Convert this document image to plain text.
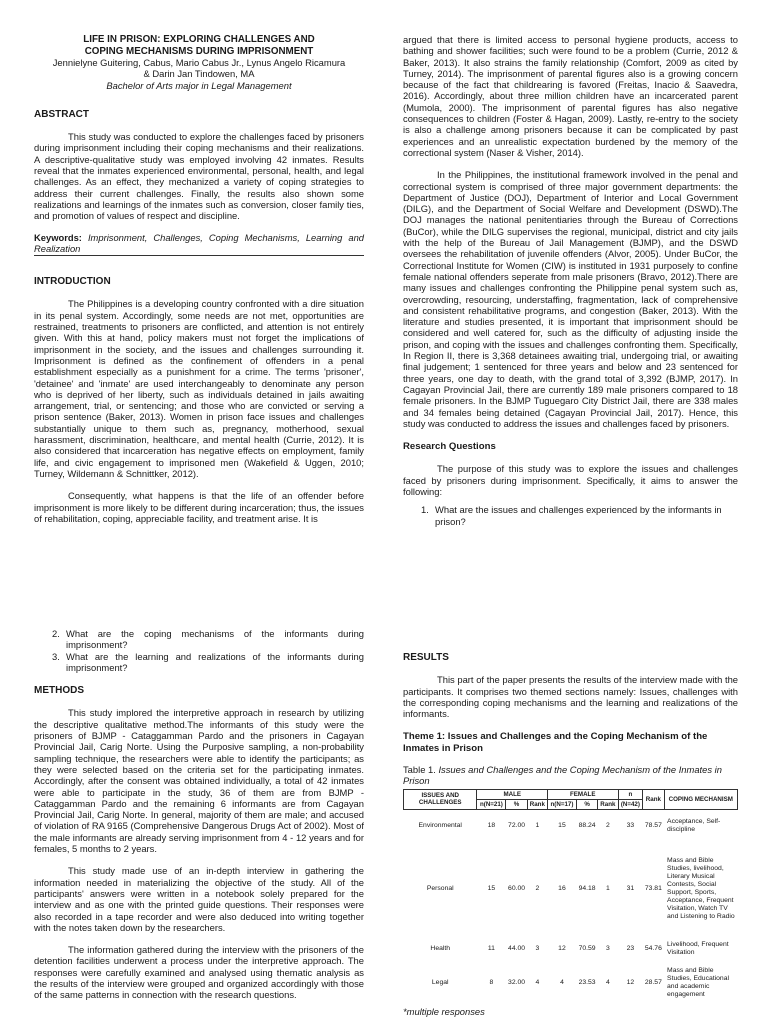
LIFE IN PRISON: EXPLORING CHALLENGES AND
COPING MECHANISMS DURING IMPRISONMENT
Jennielyne Guitering, Cabus, Mario Cabus Jr., Lynus Angelo Ricamura
& Darin Jan Tindowen, MA
Bachelor of Arts major in Legal Management
ABSTRACT
This study was conducted to explore the challenges faced by prisoners during imprisonment including their coping mechanisms and their realizations. A descriptive-qualitative study was employed involving 42 inmates. Results reveal that the inmates experienced environmental, personal, health, and legal challenges. As an effect, they mechanized a variety of coping strategies to address their current challenges. Finally, the results also shown some realizations and learnings of the inmates such as conversion, closer family ties, and promotion of values of respect and discipline.
Keywords: Imprisonment, Challenges, Coping Mechanisms, Learning and Realization
INTRODUCTION
The Philippines is a developing country confronted with a dire situation in its penal system. Accordingly, some needs are not met, opportunities are restrained, treatments to prisoners are conflicted, and attention is not entirely given. With this at hand, policy makers must not forget the implications of imprisonment in the society, and the issues and challenges surrounding it. Imprisonment is defined as the confinement of offenders in a penal establishment especially as a punishment for a crime. The terms 'prisoner', 'detainee' and 'inmate' are used interchangeably to denominate any person who is deprived of her liberty, such as individuals detained in jails awaiting arrangement, trial, or sentencing; and those who are convicted or serving a prison sentence (Baker, 2013). Women in prison face issues and challenges substantially unique to them such as, pregnancy, motherhood, sexual harassment, discrimination, healthcare, and mental health (Currie, 2012). It is also considered that incarceration has negative effects on employment, family life, and civic engagement to imprisoned men (Wakefield & Uggen, 2010; Turney, Wildemann & Schnittker, 2012).
Consequently, what happens is that the life of an offender before imprisonment is more likely to be different during incarceration; thus, the issues of rehabilitation, coping, appreciable facility, and treatment arise. It is
argued that there is limited access to personal hygiene products, access to bathing and shower facilities; such were found to be a problem (Currie, 2012 & Baker, 2013). It also strains the family relationship (Comfort, 2009 as cited by Turney, 2014). The imprisonment of parental figures also is a growing concern because of the fact that childrearing is favored (Freitas, Inacio & Saavedra, 2016). Accordingly, about three million children have an incarcerated parent (Mumola, 2000). The imprisonment of parental figures has also negative consequences to children (Foster & Hagan, 2009). Lastly, re-entry to the society is also a challenge among prisoners because it can be complicated by past experiences and an unrealistic expectation burdened by the memory of the correctional system (Naser & Visher, 2014).
In the Philippines, the institutional framework involved in the penal and correctional system is comprised of three major government departments: the Department of Justice (DOJ), Department of Interior and Local Government (DILG), and the Department of Social Welfare and Development (DSWD).The DOJ manages the national penitentiaries through the Bureau of Corrections (BuCor), while the DILG supervises the regional, municipal, district and city jails with the help of the Bureau of Jail Management (BJMP), and the DSWD oversees the rehabilitation of juvenile offenders (Alvor, 2005). Under BuCor, the Correctional Institute for Women (CIW) is instituted in 1931 purposely to confine female national offenders seperate from male prisoners (Bravo, 2012).There are many issues and challenges confronting the Philippine penal system such as, overcrowding, resourcing, understaffing, fragmentation, lack of comprehensive and consistent rehabilitative programs, and congestion (Baker, 2013). With the literature and studies presented, it is important that imprisonment should be considered and well catered for, such as the difficulty of adjusting inside the prison, and coping with the issues and challenges confronting them. Specifically, In Region II, there is 3,368 detainees awaiting trial, undergoing trial, or awaiting final judgement; 1 sentenced for three years and below and 23 sentenced for three years, one day to death, with the grand total of 3,392 (BJMP, 2017). In Cagayan Provincial Jail, there are currently 189 male prisoners compared to 18 female prisoners. In the BJMP Tuguegaro City District Jail, there are 338 males and 34 females being detained (Cagayan Provincial Jail, 2017). Hence, this study was conducted to address the issues and challenges faced by prisoners.
Research Questions
The purpose of this study was to explore the issues and challenges faced by prisoners during imprisonment. Specifically, it aims to answer the following:
1. What are the issues and challenges experienced by the informants in prison?
2. What are the coping mechanisms of the informants during imprisonment?
3. What are the learning and realizations of the informants during imprisonment?
METHODS
This study implored the interpretive approach in research by utilizing the descriptive qualitative method.The informants of this study were the prisoners of BJMP - Cataggamman Pardo and the prisoners in Cagayan Provincial Jail, Carig Norte. Using the Purposive sampling, a non-probability sampling technique, the researchers were able to identify the participants; as they were selected based on the criteria set for the participating inmates. Accordingly, after the consent was obtained individually, a total of 42 inmates were able to participate in the study, 36 of them are from BJMP - Cataggamman Pardo and the remaining 6 informants are from Cagayan Provincial Jail, Carig Norte. In general, majority of them are male; and accused of violation of RA 9165 (Comprehensive Dangerous Drugs Act of 2002). Most of the male informants are already serving imprisonment from 4 - 12 years and for females, 5 months to 2 years.
This study made use of an in-depth interview in gathering the information needed in materializing the objective of the study. All of the participants' answers were written in a notebook solely prepared for the interview and as one with the printed guide questions. Their responses were also recorded in a tape recorder and were also deduced into writing together with the notes taken down by the researchers.
The information gathered during the interview with the prisoners of the detention facilities underwent a process under the interpretive approach. The responses were carefully examined and analysed using thematic analysis as the results of the interview were grouped and organized accordingly with those of the same patterns in connection with the research questions.
RESULTS
This part of the paper presents the results of the interview made with the participants. It comprises two themed sections namely: Issues, challenges with the corresponding coping mechanisms and the learning and realizations of the informants.
Theme 1: Issues and Challenges and the Coping Mechanism of the Inmates in Prison
Table 1. Issues and Challenges and the Coping Mechanism of the Inmates in Prison
ISSUES AND CHALLENGES	MALE			FEMALE			n	Rank	COPING MECHANISM
	n(N=21)	%	Rank	n(N=17)	%	Rank	(N=42)		
Environmental	18	72.00	1	15	88.24	2	33	78.57	Acceptance, Self-discipline
Personal	15	60.00	2	16	94.18	1	31	73.81	Mass and Bible Studies, livelihood, Literary Musical Contests, Social Support, Sports, Acceptance, Frequent Visitation, Watch TV and Listening to Radio
Health	11	44.00	3	12	70.59	3	23	54.76	Livelihood, Frequent Visitation
Legal	8	32.00	4	4	23.53	4	12	28.57	Mass and Bible Studies, Educational and academic engagement
*multiple responses
